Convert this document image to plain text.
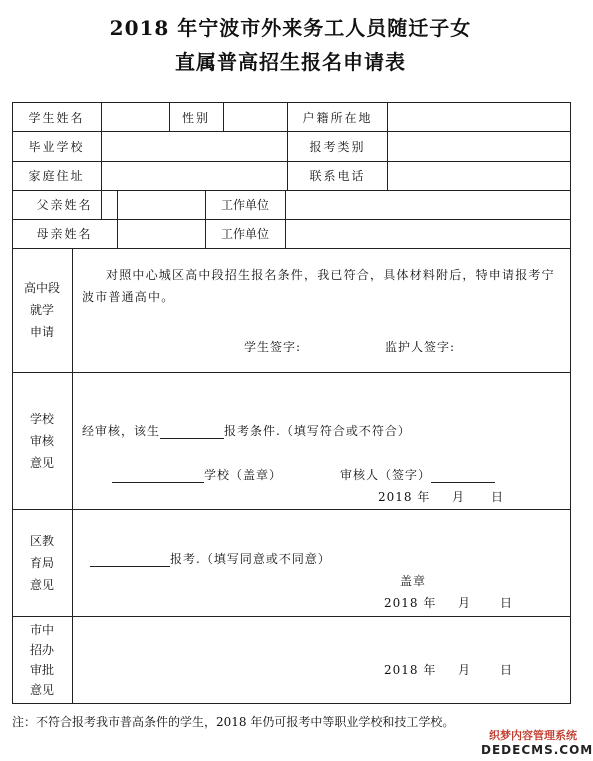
2018 年宁波市外来务工人员随迁子女
直属普高招生报名申请表
学生姓名	性别	户籍所在地
毕业学校	报考类别
家庭住址	联系电话
父亲姓名	工作单位
母亲姓名	工作单位
高中段
就学
申请
对照中心城区高中段招生报名条件，我已符合，具体材料附后，特申请报考宁波市普通高中。
学生签字:	监护人签字:
学校
审核
意见
经审核，该生	报考条件.（填写符合或不符合）
学校（盖章）	审核人（签字）
2018 年 月 日
区教
育局
意见
报考.（填写同意或不同意）
盖章
2018 年 月 日
市中
招办
审批
意见
2018 年 月 日
注：不符合报考我市普高条件的学生，2018 年仍可报考中等职业学校和技工学校。
织梦内容管理系统
DEDECMS.COM
